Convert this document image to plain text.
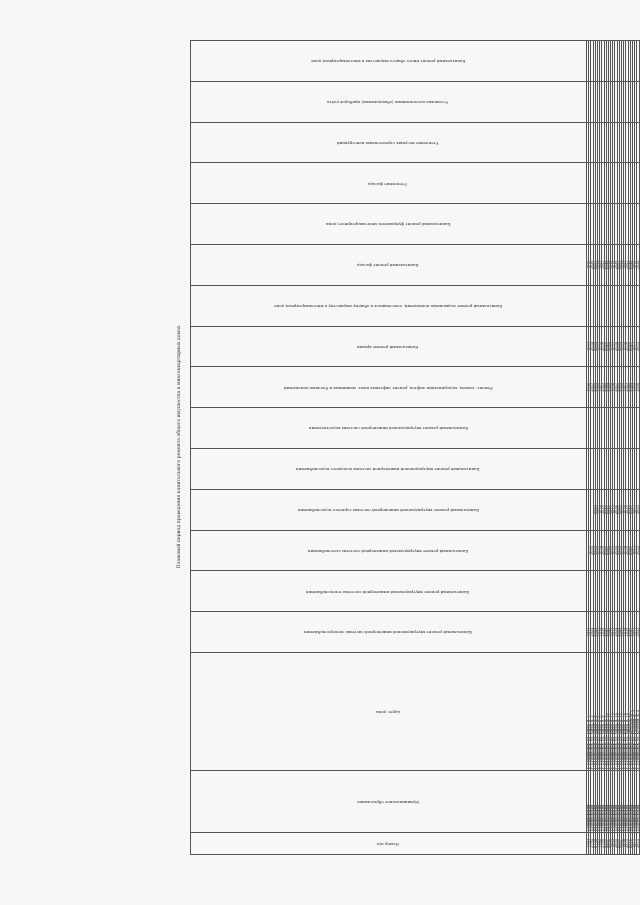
Плановый период проведения капитального ремонта общего имущества в многоквартирных домах
Номер п/п	Муниципальное образование	Адрес дома	Капитальный ремонт внутридомовой инженерной системы электроснабжения	Капитальный ремонт внутридомовой инженерной системы теплоснабжения	Капитальный ремонт внутридомовой инженерной системы газоснабжения	Капитальный ремонт внутридомовой инженерной системы горячего водоснабжения	Капитальный ремонт внутридомовой инженерной системы холодного водоснабжения	Капитальный ремонт внутридомовой инженерной системы водоотведения	Ремонт, замена, модернизация лифтов, ремонт лифтовых шахт, машинных и блочных помещений	Капитальный ремонт крыши	Капитальный ремонт подвальных помещений, относящихся к общему имуществу в многоквартирном доме	Капитальный ремонт фасада	Капитальный ремонт фундамента многоквартирного дома	Утепление фасада	Утепление несущих строительных конструкций	Установка коллективных (общедомовых) приборов учёта	Капитальный ремонт иного общего имущества в многоквартирном доме
2792	Буденновский	г. Буденновск, ул. Мира, д.	2032						2035	2032		2034					
2793	Буденновский	г. Буденновск, ул. Мира, д.	2033		2033				2036	2033		2035					
2794	Буденновский	г. Буденновск, ул. Мира, д.	2034		2034				2037	2034		2036					
2795	Буденновский	г. Буденновск, ул. Мира, д.	2035		2035	2035			2038	2035		2037					
2796	Буденновский	г. Буденновск, ул. Мира, д.	2036		2036	2036			2039	2036		2038					
2797	Буденновский	г. Буденновск, ул. Мира, д.	2037		2037	2037			2040	2037		2039					
2798	Буденновский	г. Буденновск, ул. Мира, д.	2038		2038	2038			2041	2038		2040					
2799	Буденновский	г. Буденновск, ул. Мира, д.	2039		2039	2039			2042	2039		2041					
2800	Буденновский	г. Буденновск, ул. Мира, д.	2040		2040	2040			2043	2040		2042					
2801	Буденновский	г. Буденновск, ул. Мира, д. 10	2041		2041	2041			2044	2041		2043					
2802	Буденновский	г. Буденновск, ул. Мира, д. 11	2042		2042	2042			2045	2042		2044					
2803	Буденновский	г. Буденновск, ул. Мира, д. 12	2032		2032	2032			2035	2032		2034					
2804	Буденновский	г. Буденновск, ул. Мира, д. 13	2033		2033	2033			2036	2033		2035					
2805	Буденновский	г. Буденновск, ул. Мира, д. 14	2034		2034	2034			2037	2034		2036					
2806	Буденновский	г. Буденновск, ул. Мира, д. 15	2035		2035	2035			2038	2035		2037					
2807	Буденновский	г. Буденновск, ул. Мира, д. 16	2036		2036	2036			2039	2036		2038					
2808	Буденновский	г. Буденновск, ул. Мира, д. 17	2037		2037	2037			2040	2037		2039					
2809	Буденновский	г. Буденновск, ул. Мира, д. 18	2038		2038	2038			2041	2038		2040					
2810	Буденновский	г. Буденновск, ул. Мира, д. 19	2039		2039	2039			2042	2039		2041					
2811	Буденновский	г. Буденновск, ул. Мира, д. 20	2040		2040	2040			2043	2040		2042					
2812	Буденновский	г. Буденновск, ул. Кочубея, д.	2041		2041	2041			2044	2041		2043					
2813	Буденновский	г. Буденновск, ул. Кочубея, д.	2042		2042	2042			2045	2042		2044					
2814	Буденновский	г. Буденновск, ул. Кочубея, д.	2032		2032	2032			2035	2032		2034					
2815	Буденновский	г. Буденновск, ул. Кочубея, д.	2033		2033	2033			2036	2033		2035					
